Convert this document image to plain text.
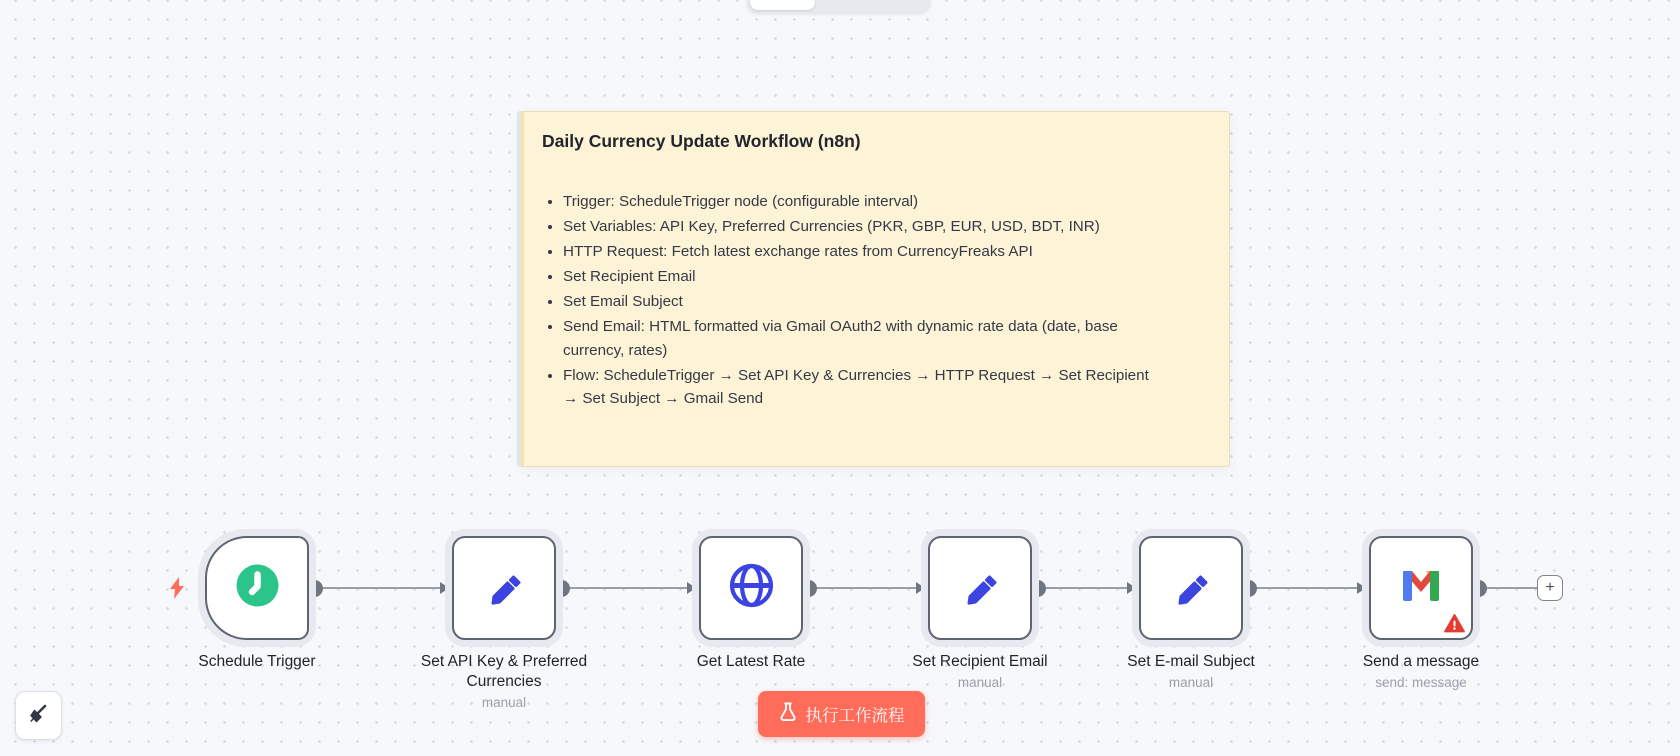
Daily Currency Update Workflow (n8n)
• Trigger: ScheduleTrigger node (configurable interval)
• Set Variables: API Key, Preferred Currencies (PKR, GBP, EUR, USD, BDT, INR)
• HTTP Request: Fetch latest exchange rates from CurrencyFreaks API
• Set Recipient Email
• Set Email Subject
• Send Email: HTML formatted via Gmail OAuth2 with dynamic rate data (date, base currency, rates)
• Flow: ScheduleTrigger → Set API Key & Currencies → HTTP Request → Set Recipient → Set Subject → Gmail Send
Schedule Trigger	Set API Key & Preferred Currencies
manual
Get Latest Rate	Set Recipient Email
manual
Set E-mail Subject
manual
Send a message
send: message
+
执行工作流程
